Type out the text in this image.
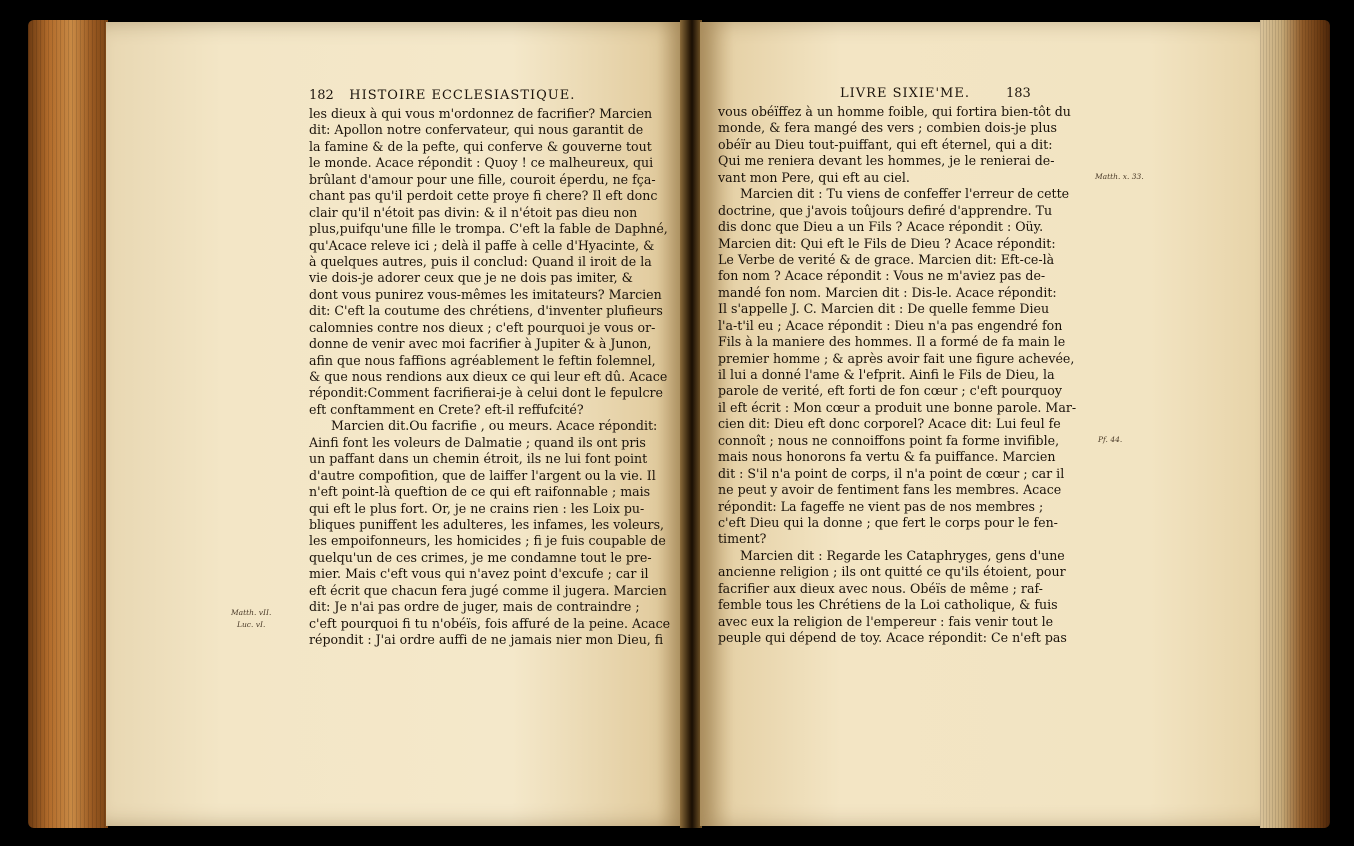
182 HISTOIRE ECCLESIASTIQUE.
les dieux à qui vous m'ordonnez de facrifier? Marcien
dit: Apollon notre confervateur, qui nous garantit de
la famine & de la pefte, qui conferve & gouverne tout
le monde. Acace répondit : Quoy ! ce malheureux, qui
brûlant d'amour pour une fille, couroit éperdu, ne fça-
chant pas qu'il perdoit cette proye fi chere? Il eft donc
clair qu'il n'étoit pas divin: & il n'étoit pas dieu non
plus,puifqu'une fille le trompa. C'eft la fable de Daphné,
qu'Acace releve ici ; delà il paffe à celle d'Hyacinte, &
à quelques autres, puis il conclud: Quand il iroit de la
vie dois-je adorer ceux que je ne dois pas imiter, &
dont vous punirez vous-mêmes les imitateurs? Marcien
dit: C'eft la coutume des chrétiens, d'inventer plufieurs
calomnies contre nos dieux ; c'eft pourquoi je vous or-
donne de venir avec moi facrifier à Jupiter & à Junon,
afin que nous faffions agréablement le feftin folemnel,
& que nous rendions aux dieux ce qui leur eft dû. Acace
répondit:Comment facrifierai-je à celui dont le fepulcre
eft conftamment en Crete? eft-il reffufcité?
Marcien dit.Ou facrifie , ou meurs. Acace répondit:
Ainfi font les voleurs de Dalmatie ; quand ils ont pris
un paffant dans un chemin étroit, ils ne lui font point
d'autre compofition, que de laiffer l'argent ou la vie. Il
n'eft point-là queftion de ce qui eft raifonnable ; mais
qui eft le plus fort. Or, je ne crains rien : les Loix pu-
bliques puniffent les adulteres, les infames, les voleurs,
les empoifonneurs, les homicides ; fi je fuis coupable de
quelqu'un de ces crimes, je me condamne tout le pre-
mier. Mais c'eft vous qui n'avez point d'excufe ; car il
eft écrit que chacun fera jugé comme il jugera. Marcien
dit: Je n'ai pas ordre de juger, mais de contraindre ;
c'eft pourquoi fi tu n'obéïs, fois affuré de la peine. Acace
répondit : J'ai ordre auffi de ne jamais nier mon Dieu, fi
Matth. vII.
Luc. vI.
LIVRE SIXIE'ME.	183
vous obéïffez à un homme foible, qui fortira bien-tôt du
monde, & fera mangé des vers ; combien dois-je plus
obéïr au Dieu tout-puiffant, qui eft éternel, qui a dit:
Qui me reniera devant les hommes, je le renierai de-
vant mon Pere, qui eft au ciel.
Marcien dit : Tu viens de confeffer l'erreur de cette
doctrine, que j'avois toûjours defiré d'apprendre. Tu
dis donc que Dieu a un Fils ? Acace répondit : Oüy.
Marcien dit: Qui eft le Fils de Dieu ? Acace répondit:
Le Verbe de verité & de grace. Marcien dit: Eft-ce-là
fon nom ? Acace répondit : Vous ne m'aviez pas de-
mandé fon nom. Marcien dit : Dis-le. Acace répondit:
Il s'appelle J. C. Marcien dit : De quelle femme Dieu
l'a-t'il eu ; Acace répondit : Dieu n'a pas engendré fon
Fils à la maniere des hommes. Il a formé de fa main le
premier homme ; & après avoir fait une figure achevée,
il lui a donné l'ame & l'efprit. Ainfi le Fils de Dieu, la
parole de verité, eft forti de fon cœur ; c'eft pourquoy
il eft écrit : Mon cœur a produit une bonne parole. Mar-
cien dit: Dieu eft donc corporel? Acace dit: Lui feul fe
connoît ; nous ne connoiffons point fa forme invifible,
mais nous honorons fa vertu & fa puiffance. Marcien
dit : S'il n'a point de corps, il n'a point de cœur ; car il
ne peut y avoir de fentiment fans les membres. Acace
répondit: La fageffe ne vient pas de nos membres ;
c'eft Dieu qui la donne ; que fert le corps pour le fen-
timent?
Marcien dit : Regarde les Cataphryges, gens d'une
ancienne religion ; ils ont quitté ce qu'ils étoient, pour
facrifier aux dieux avec nous. Obéïs de même ; raf-
femble tous les Chrétiens de la Loi catholique, & fuis
avec eux la religion de l'empereur : fais venir tout le
peuple qui dépend de toy. Acace répondit: Ce n'eft pas
Matth. x. 33.
Pf. 44.
